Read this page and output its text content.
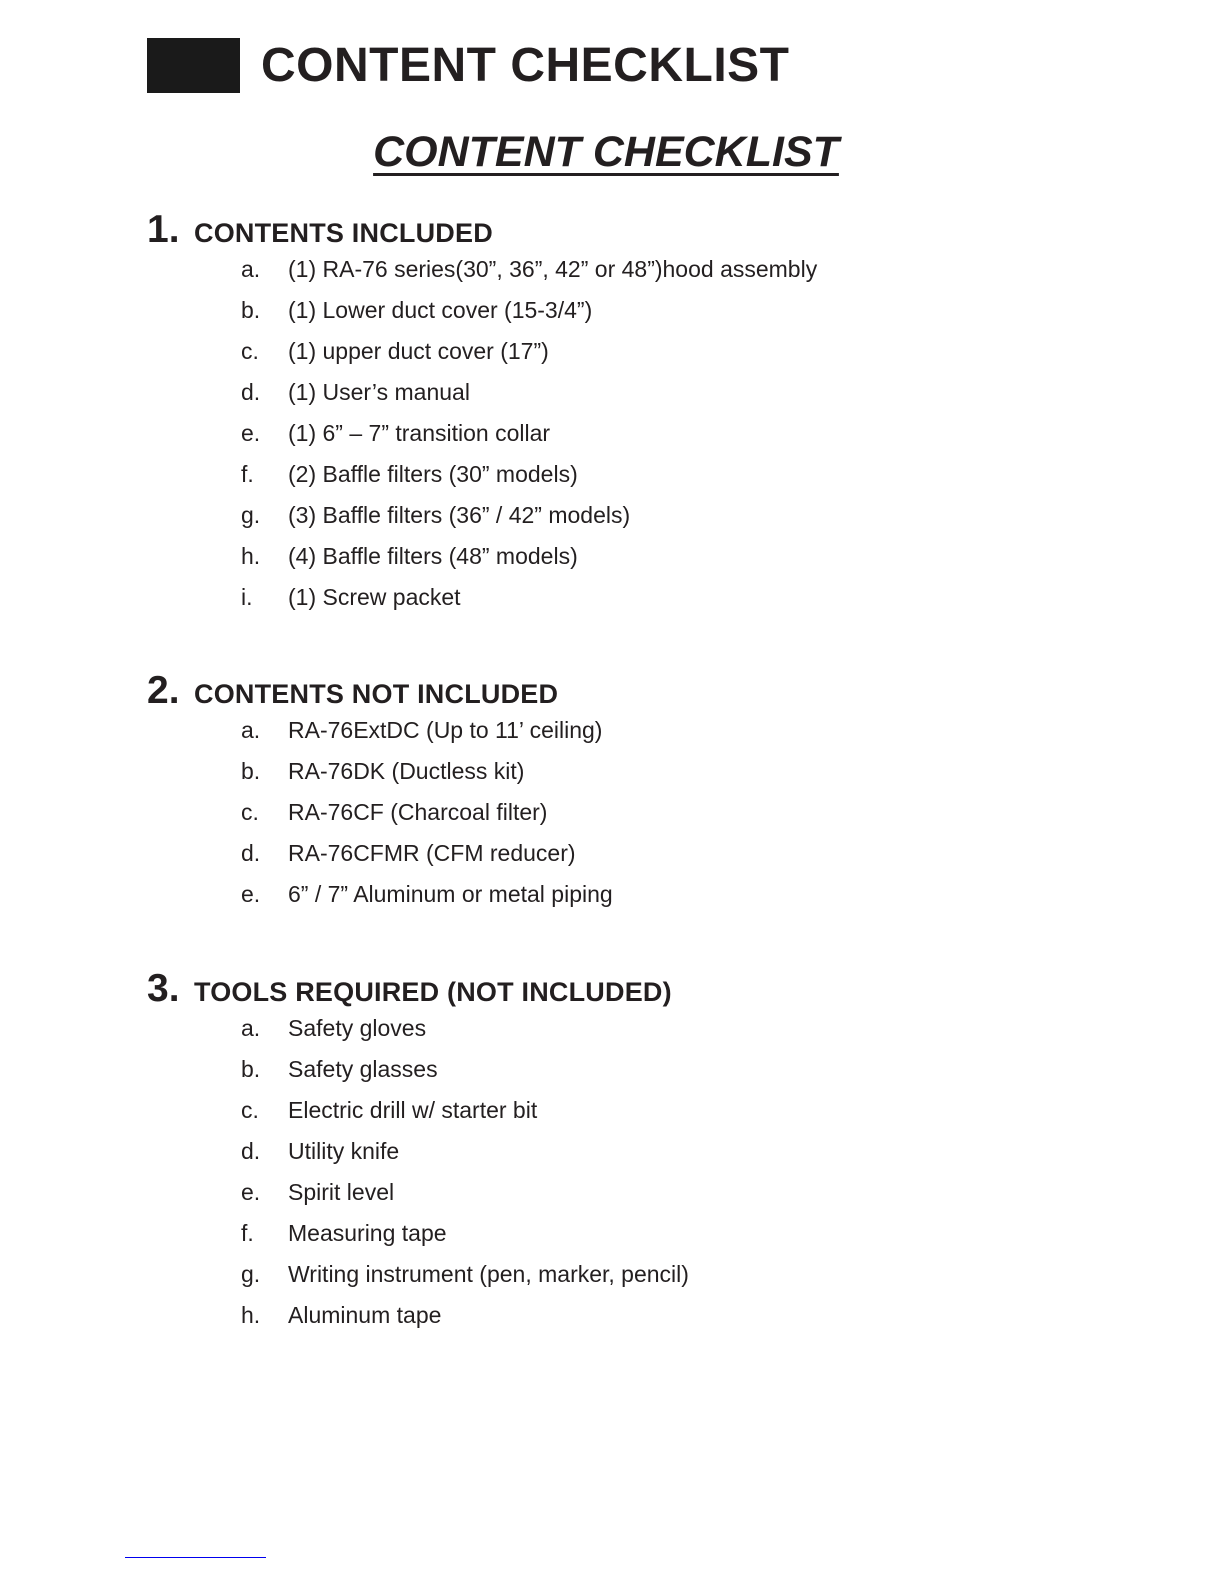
CONTENT CHECKLIST
CONTENT CHECKLIST
1. CONTENTS INCLUDED
a.	(1) RA-76 series(30”, 36”, 42” or 48”)hood assembly
b.	(1) Lower duct cover (15-3/4”)
c.	(1) upper duct cover (17”)
d.	(1) User’s manual
e.	(1) 6” – 7” transition collar
f.	(2) Baffle filters (30” models)
g.	(3) Baffle filters (36” / 42” models)
h.	(4) Baffle filters (48” models)
i.	(1) Screw packet
2. CONTENTS NOT INCLUDED
a.	RA-76ExtDC (Up to 11’ ceiling)
b.	RA-76DK (Ductless kit)
c.	RA-76CF (Charcoal filter)
d.	RA-76CFMR (CFM reducer)
e.	6” / 7” Aluminum or metal piping
3. TOOLS REQUIRED (NOT INCLUDED)
a.	Safety gloves
b.	Safety glasses
c.	Electric drill w/ starter bit
d.	Utility knife
e.	Spirit level
f.	Measuring tape
g.	Writing instrument (pen, marker, pencil)
h.	Aluminum tape
